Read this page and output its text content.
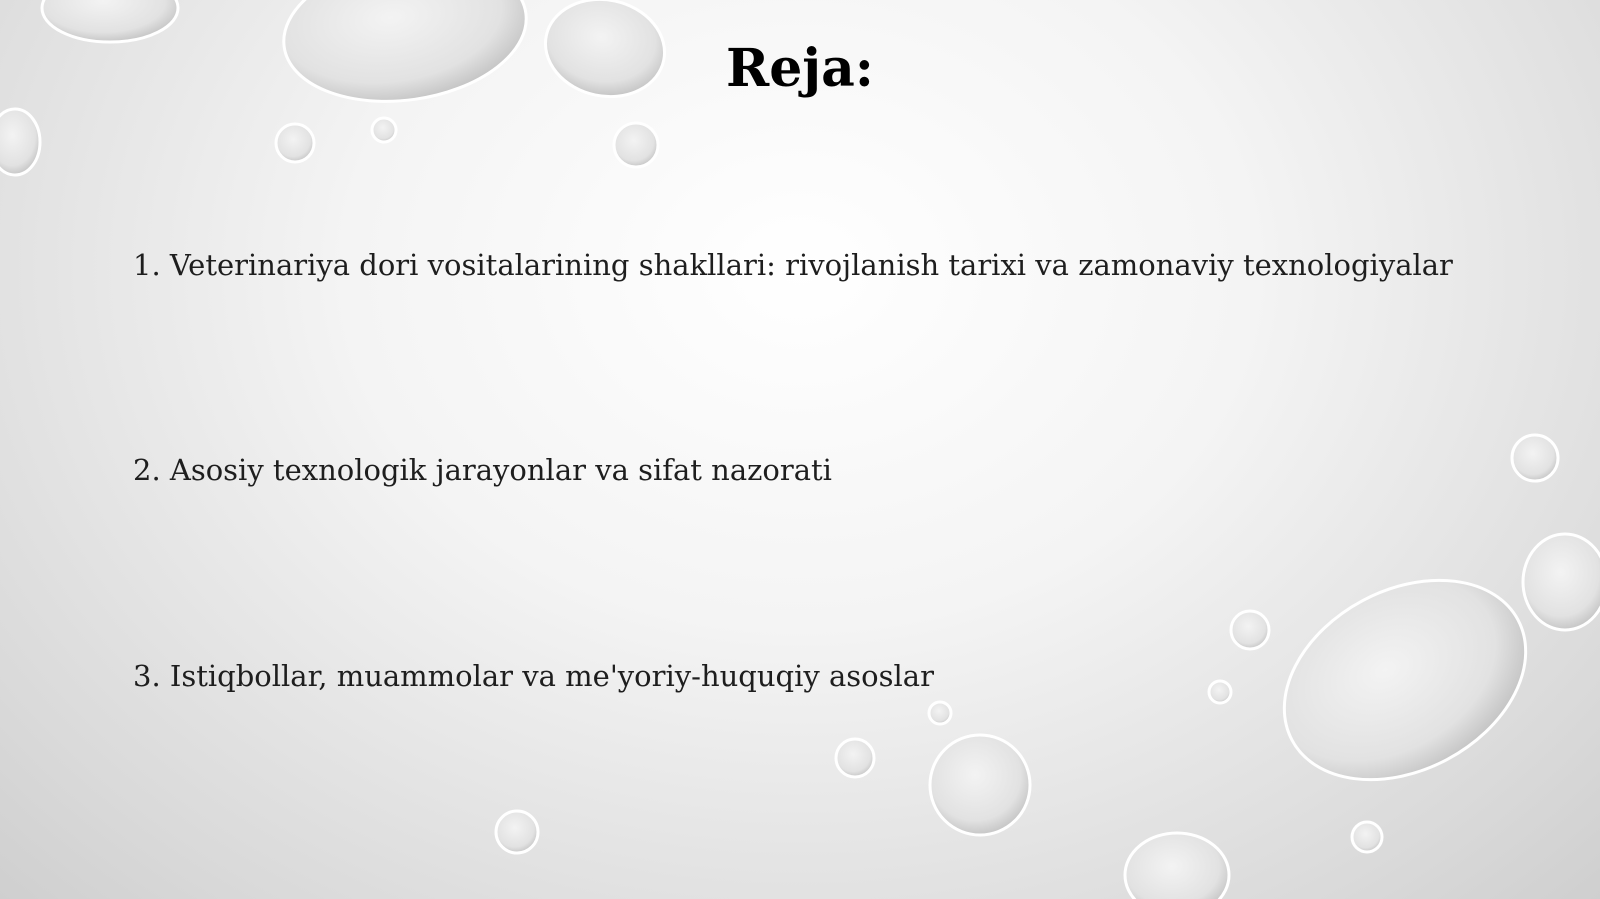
Reja:

1. Veterinariya dori vositalarining shakllari: rivojlanish tarixi va zamonaviy texnologiyalar

2. Asosiy texnologik jarayonlar va sifat nazorati

3. Istiqbollar, muammolar va me'yoriy-huquqiy asoslar
